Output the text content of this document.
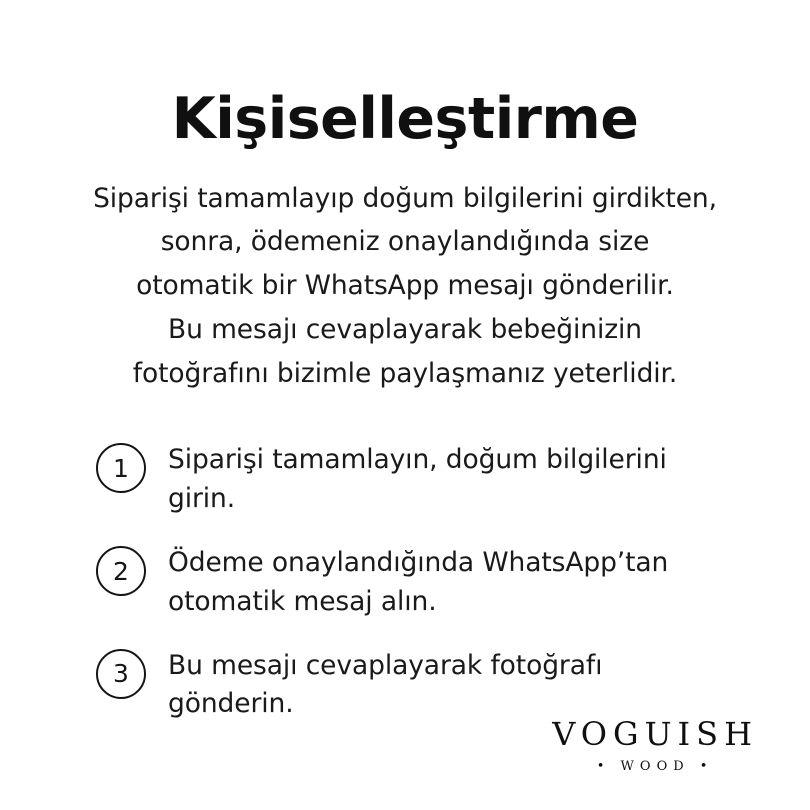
Kişiselleştirme

Siparişi tamamlayıp doğum bilgilerini girdikten,

sonra, ödemeniz onaylandığında size

otomatik bir WhatsApp mesajı gönderilir.

Bu mesajı cevaplayarak bebeğinizin

fotoğrafını bizimle paylaşmanız yeterlidir.

1	Siparişi tamamlayın, doğum bilgilerini girin.
2	Ödeme onaylandığında WhatsApp’tan otomatik mesaj alın.
3	Bu mesajı cevaplayarak fotoğrafı gönderin.
VOGUISH
• WOOD •
